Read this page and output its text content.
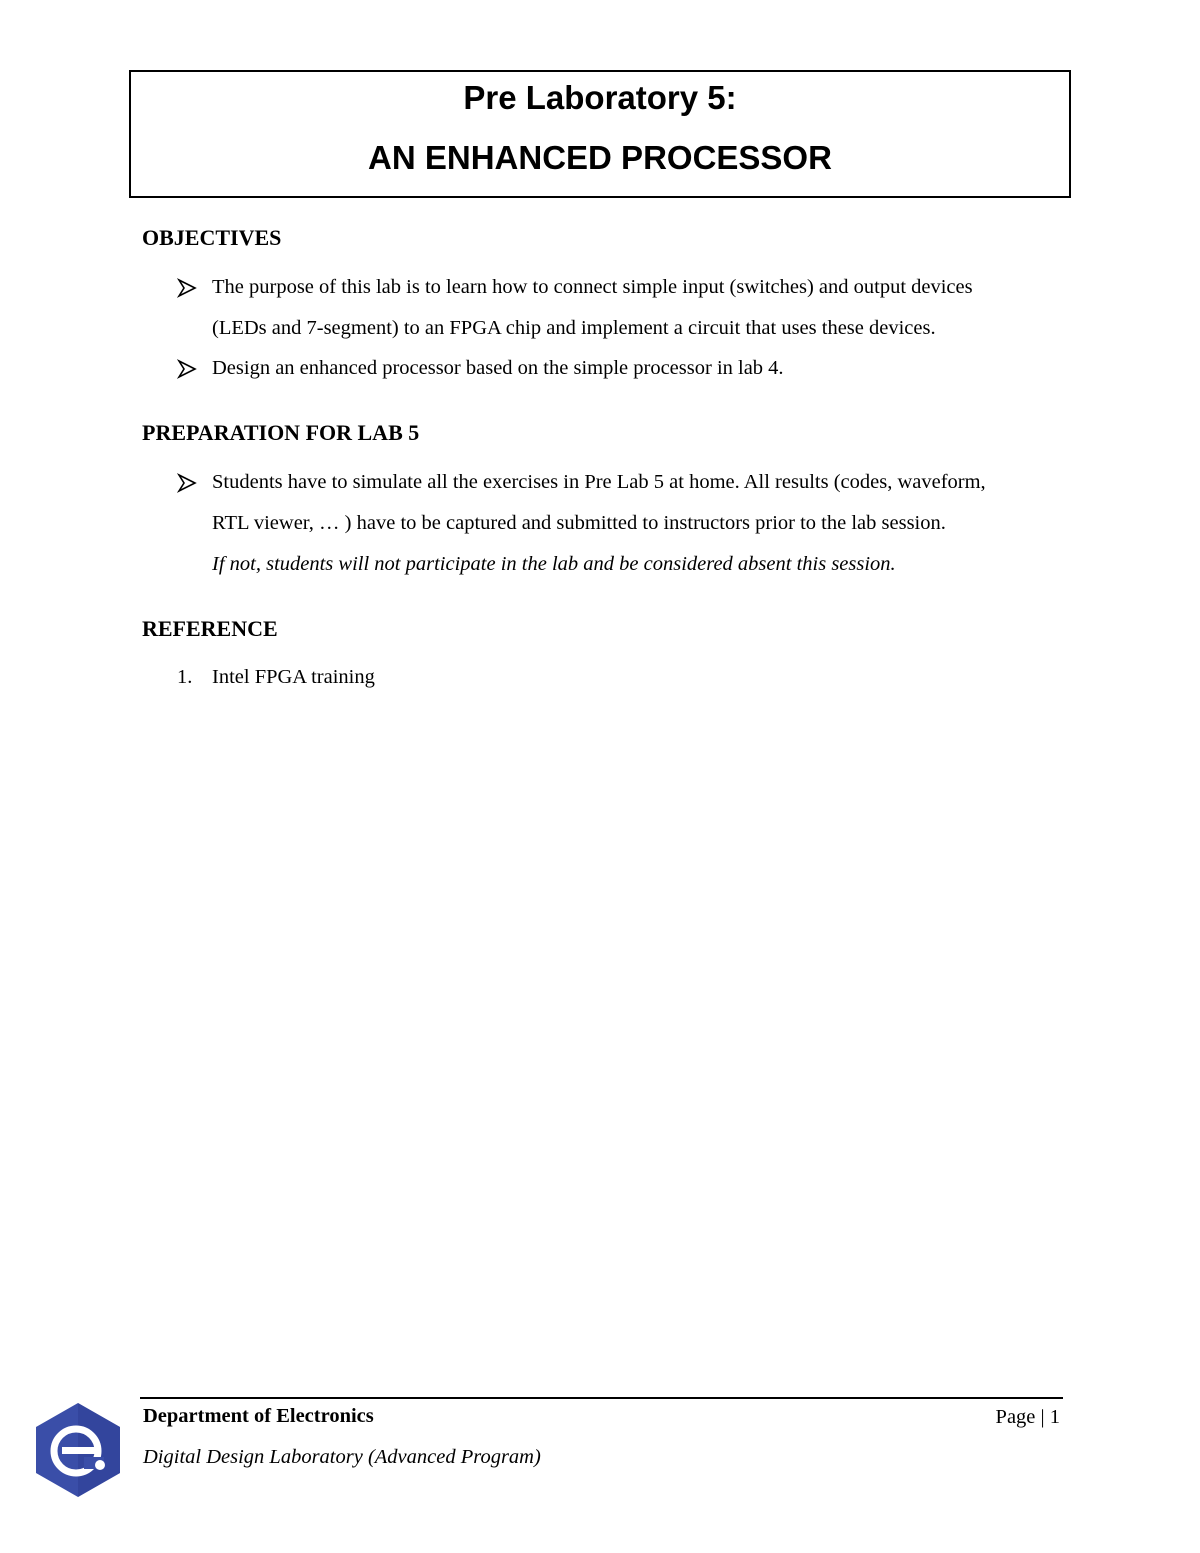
Pre Laboratory 5:
AN ENHANCED PROCESSOR
OBJECTIVES
The purpose of this lab is to learn how to connect simple input (switches) and output devices
(LEDs and 7-segment) to an FPGA chip and implement a circuit that uses these devices.
Design an enhanced processor based on the simple processor in lab 4.
PREPARATION FOR LAB 5
Students have to simulate all the exercises in Pre Lab 5 at home. All results (codes, waveform,
RTL viewer, … ) have to be captured and submitted to instructors prior to the lab session.
If not, students will not participate in the lab and be considered absent this session.
REFERENCE
1. Intel FPGA training
Department of Electronics	Page | 1
Digital Design Laboratory (Advanced Program)
